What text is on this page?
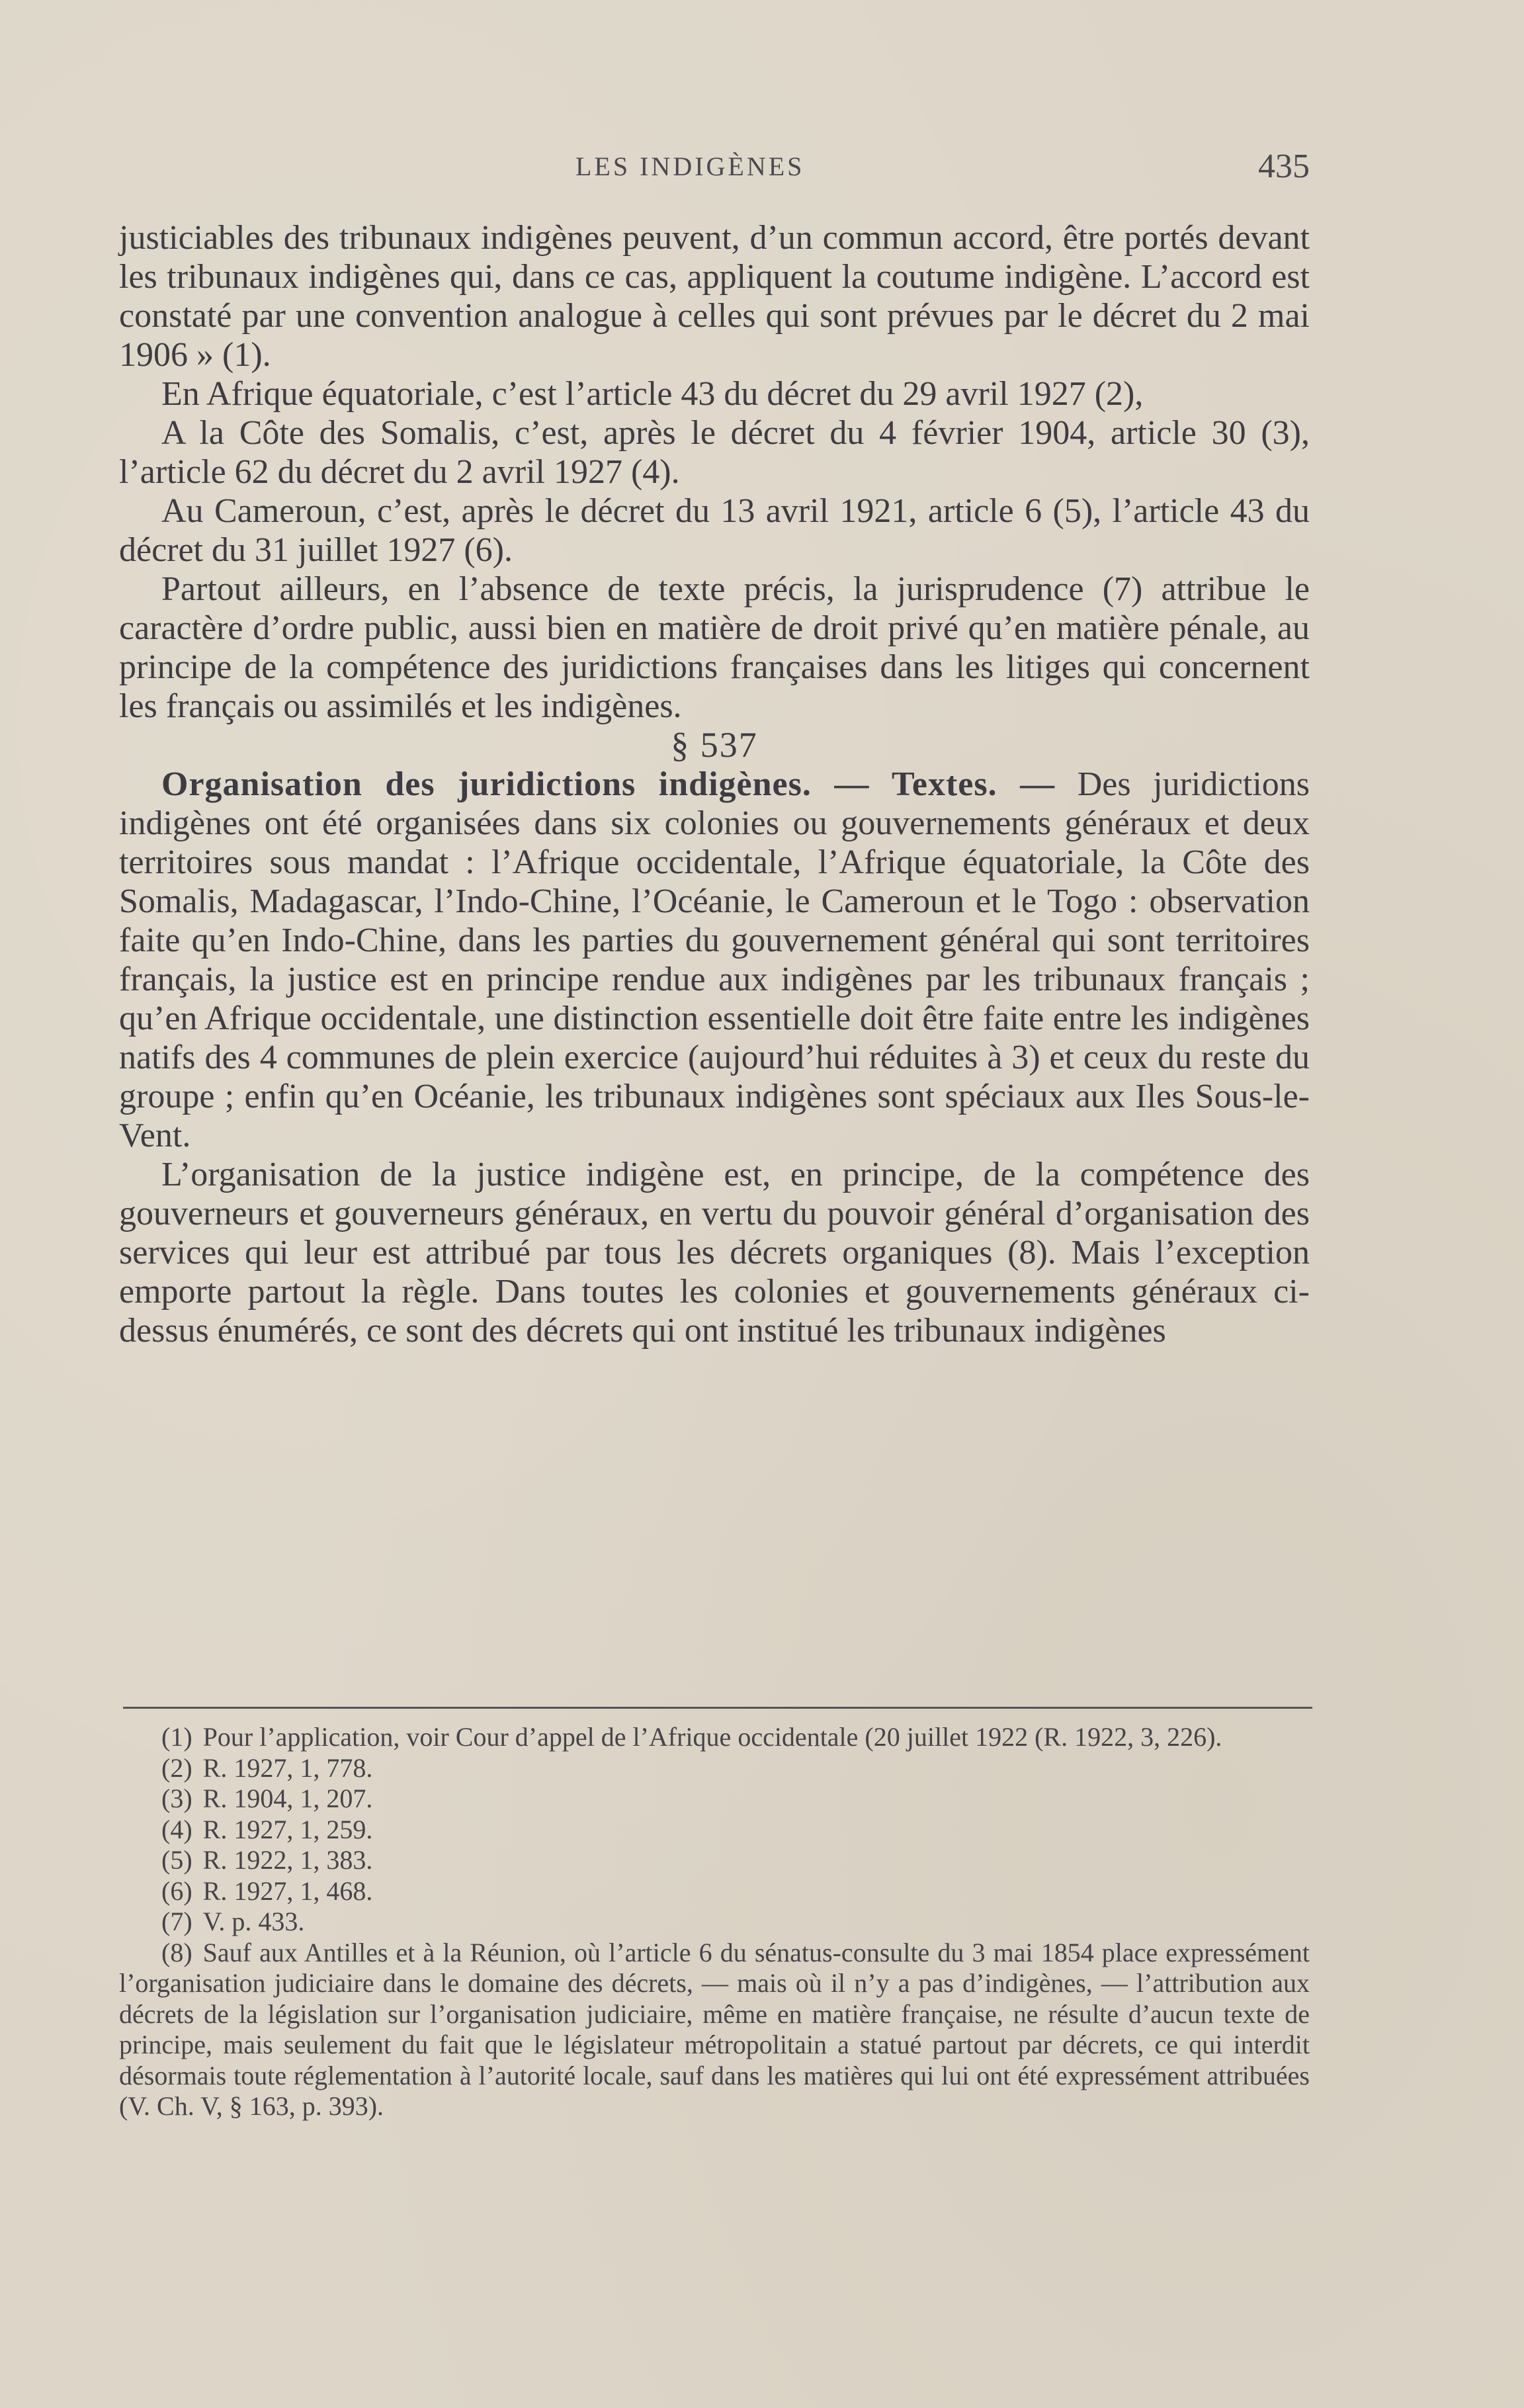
LES INDIGÈNES	435

justiciables des tribunaux indigènes peuvent, d’un commun accord, être portés devant les tribunaux indigènes qui, dans ce cas, appliquent la coutume indigène. L’accord est constaté par une convention analogue à celles qui sont prévues par le décret du 2 mai 1906 » (1).

En Afrique équatoriale, c’est l’article 43 du décret du 29 avril 1927 (2),

A la Côte des Somalis, c’est, après le décret du 4 février 1904, article 30 (3), l’article 62 du décret du 2 avril 1927 (4).

Au Cameroun, c’est, après le décret du 13 avril 1921, article 6 (5), l’article 43 du décret du 31 juillet 1927 (6).

Partout ailleurs, en l’absence de texte précis, la jurisprudence (7) attribue le caractère d’ordre public, aussi bien en matière de droit privé qu’en matière pénale, au principe de la compétence des juridictions françaises dans les litiges qui concernent les français ou assimilés et les indigènes.

§ 537

Organisation des juridictions indigènes. — Textes. — Des juridictions indigènes ont été organisées dans six colonies ou gouvernements généraux et deux territoires sous mandat : l’Afrique occidentale, l’Afrique équatoriale, la Côte des Somalis, Madagascar, l’Indo-Chine, l’Océanie, le Cameroun et le Togo : observation faite qu’en Indo-Chine, dans les parties du gouvernement général qui sont territoires français, la justice est en principe rendue aux indigènes par les tribunaux français ; qu’en Afrique occidentale, une distinction essentielle doit être faite entre les indigènes natifs des 4 communes de plein exercice (aujourd’hui réduites à 3) et ceux du reste du groupe ; enfin qu’en Océanie, les tribunaux indigènes sont spéciaux aux Iles Sous-le-Vent.

L’organisation de la justice indigène est, en principe, de la compétence des gouverneurs et gouverneurs généraux, en vertu du pouvoir général d’organisation des services qui leur est attribué par tous les décrets organiques (8). Mais l’exception emporte partout la règle. Dans toutes les colonies et gouvernements généraux ci-dessus énumérés, ce sont des décrets qui ont institué les tribunaux indigènes

(1) Pour l’application, voir Cour d’appel de l’Afrique occidentale (20 juillet 1922 (R. 1922, 3, 226).

(2) R. 1927, 1, 778.

(3) R. 1904, 1, 207.

(4) R. 1927, 1, 259.

(5) R. 1922, 1, 383.

(6) R. 1927, 1, 468.

(7) V. p. 433.

(8) Sauf aux Antilles et à la Réunion, où l’article 6 du sénatus-consulte du 3 mai 1854 place expressément l’organisation judiciaire dans le domaine des décrets, — mais où il n’y a pas d’indigènes, — l’attribution aux décrets de la législation sur l’organisation judiciaire, même en matière française, ne résulte d’aucun texte de principe, mais seulement du fait que le législateur métropolitain a statué partout par décrets, ce qui interdit désormais toute réglementation à l’autorité locale, sauf dans les matières qui lui ont été expressément attribuées (V. Ch. V, § 163, p. 393).
